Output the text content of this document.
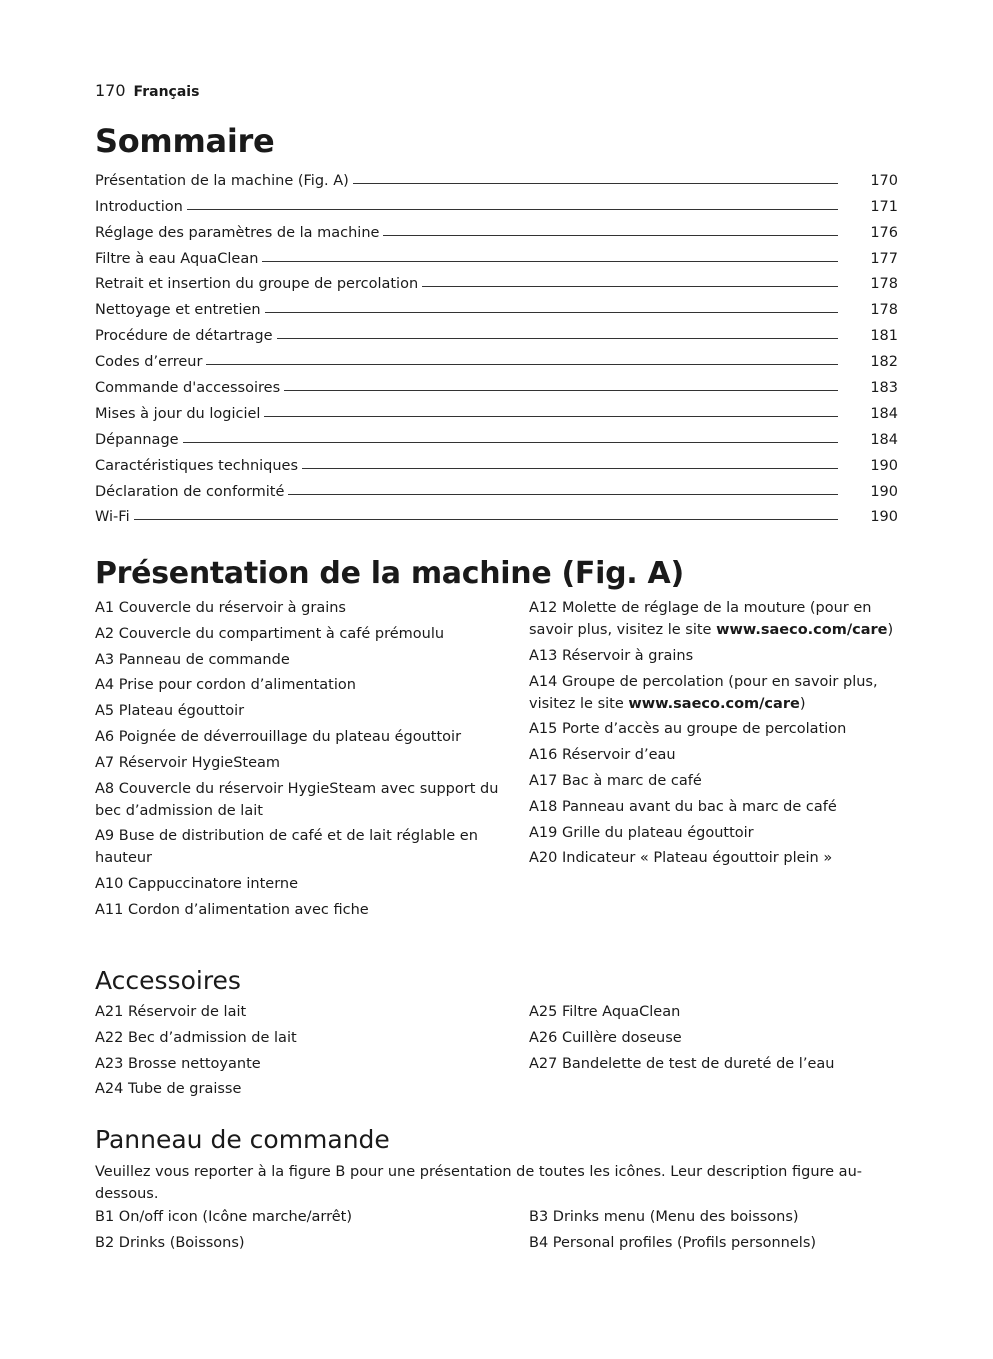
170 Français
Sommaire
Présentation de la machine (Fig. A)	170
Introduction	171
Réglage des paramètres de la machine	176
Filtre à eau AquaClean	177
Retrait et insertion du groupe de percolation	178
Nettoyage et entretien	178
Procédure de détartrage	181
Codes d’erreur	182
Commande d'accessoires	183
Mises à jour du logiciel	184
Dépannage	184
Caractéristiques techniques	190
Déclaration de conformité	190
Wi-Fi	190
Présentation de la machine (Fig. A)
A1 Couvercle du réservoir à grains
A2 Couvercle du compartiment à café prémoulu
A3 Panneau de commande
A4 Prise pour cordon d’alimentation
A5 Plateau égouttoir
A6 Poignée de déverrouillage du plateau égouttoir
A7 Réservoir HygieSteam
A8 Couvercle du réservoir HygieSteam avec support du bec d’admission de lait
A9 Buse de distribution de café et de lait réglable en hauteur
A10 Cappuccinatore interne
A11 Cordon d’alimentation avec fiche
A12 Molette de réglage de la mouture (pour en savoir plus, visitez le site www.saeco.com/care)
A13 Réservoir à grains
A14 Groupe de percolation (pour en savoir plus, visitez le site www.saeco.com/care)
A15 Porte d’accès au groupe de percolation
A16 Réservoir d’eau
A17 Bac à marc de café
A18 Panneau avant du bac à marc de café
A19 Grille du plateau égouttoir
A20 Indicateur « Plateau égouttoir plein »
Accessoires
A21 Réservoir de lait
A22 Bec d’admission de lait
A23 Brosse nettoyante
A24 Tube de graisse
A25 Filtre AquaClean
A26 Cuillère doseuse
A27 Bandelette de test de dureté de l’eau
Panneau de commande
Veuillez vous reporter à la figure B pour une présentation de toutes les icônes. Leur description figure au-dessous.
B1 On/off icon (Icône marche/arrêt)
B2 Drinks (Boissons)
B3 Drinks menu (Menu des boissons)
B4 Personal profiles (Profils personnels)
